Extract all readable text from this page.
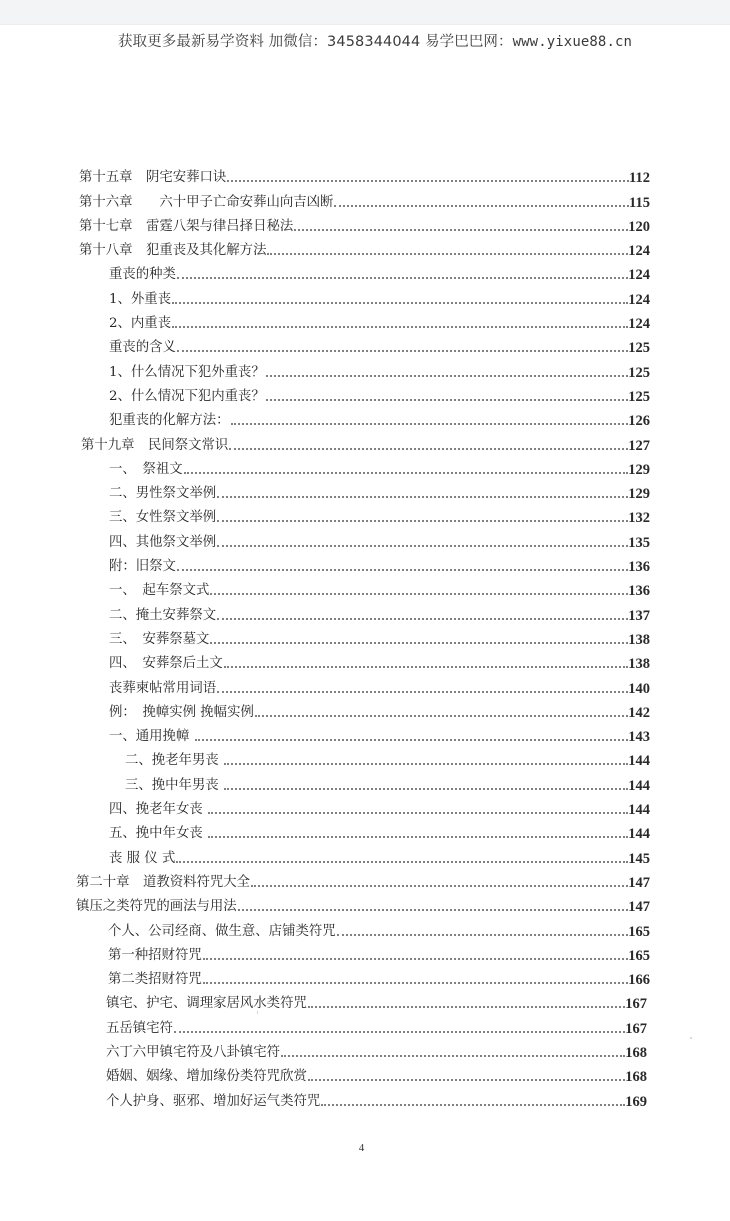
获取更多最新易学资料 加微信：3458344044 易学巴巴网：www.yixue88.cn
第十五章　阴宅安葬口诀	112
第十六章　　六十甲子亡命安葬山向吉凶断	115
第十七章　雷霆八架与律吕择日秘法	120
第十八章　犯重丧及其化解方法	124
重丧的种类	124
1、外重丧	124
2、内重丧	124
重丧的含义	125
1、什么情况下犯外重丧？	125
2、什么情况下犯内重丧？	125
犯重丧的化解方法：	126
第十九章　民间祭文常识	127
一、　祭祖文	129
二、男性祭文举例	129
三、女性祭文举例	132
四、其他祭文举例	135
附：旧祭文	136
一、　起车祭文式	136
二、掩土安葬祭文	137
三、　安葬祭墓文	138
四、　安葬祭后土文	138
丧葬柬帖常用词语	140
例：　挽幛实例 挽幅实例	142
一、通用挽幛	143
二、挽老年男丧	144
三、挽中年男丧	144
四、挽老年女丧	144
五、挽中年女丧	144
丧 服 仪 式	145
第二十章　道教资料符咒大全	147
镇压之类符咒的画法与用法	147
个人、公司经商、做生意、店铺类符咒	165
第一种招财符咒	165
第二类招财符咒	166
镇宅、护宅、调理家居风水类符咒	167
五岳镇宅符	167
六丁六甲镇宅符及八卦镇宅符	168
婚姻、姻缘、增加缘份类符咒欣赏	168
个人护身、驱邪、增加好运气类符咒	169
4
